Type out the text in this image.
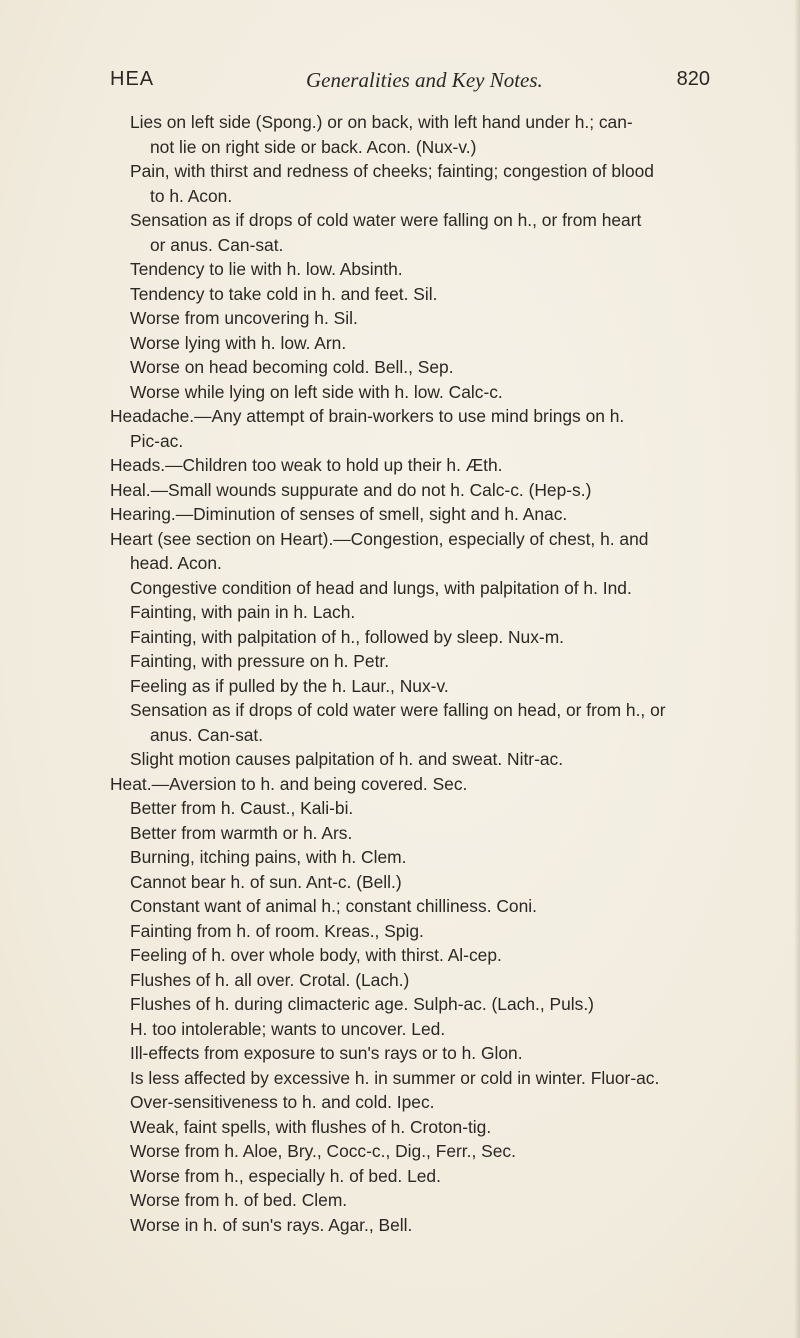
HEA	Generalities and Key Notes.	820
Lies on left side (Spong.) or on back, with left hand under h.; can-
not lie on right side or back. Acon. (Nux-v.)
Pain, with thirst and redness of cheeks; fainting; congestion of blood
to h. Acon.
Sensation as if drops of cold water were falling on h., or from heart
or anus. Can-sat.
Tendency to lie with h. low. Absinth.
Tendency to take cold in h. and feet. Sil.
Worse from uncovering h. Sil.
Worse lying with h. low. Arn.
Worse on head becoming cold. Bell., Sep.
Worse while lying on left side with h. low. Calc-c.
Headache.—Any attempt of brain-workers to use mind brings on h.
Pic-ac.
Heads.—Children too weak to hold up their h. Æth.
Heal.—Small wounds suppurate and do not h. Calc-c. (Hep-s.)
Hearing.—Diminution of senses of smell, sight and h. Anac.
Heart (see section on Heart).—Congestion, especially of chest, h. and
head. Acon.
Congestive condition of head and lungs, with palpitation of h. Ind.
Fainting, with pain in h. Lach.
Fainting, with palpitation of h., followed by sleep. Nux-m.
Fainting, with pressure on h. Petr.
Feeling as if pulled by the h. Laur., Nux-v.
Sensation as if drops of cold water were falling on head, or from h., or
anus. Can-sat.
Slight motion causes palpitation of h. and sweat. Nitr-ac.
Heat.—Aversion to h. and being covered. Sec.
Better from h. Caust., Kali-bi.
Better from warmth or h. Ars.
Burning, itching pains, with h. Clem.
Cannot bear h. of sun. Ant-c. (Bell.)
Constant want of animal h.; constant chilliness. Coni.
Fainting from h. of room. Kreas., Spig.
Feeling of h. over whole body, with thirst. Al-cep.
Flushes of h. all over. Crotal. (Lach.)
Flushes of h. during climacteric age. Sulph-ac. (Lach., Puls.)
H. too intolerable; wants to uncover. Led.
Ill-effects from exposure to sun's rays or to h. Glon.
Is less affected by excessive h. in summer or cold in winter. Fluor-ac.
Over-sensitiveness to h. and cold. Ipec.
Weak, faint spells, with flushes of h. Croton-tig.
Worse from h. Aloe, Bry., Cocc-c., Dig., Ferr., Sec.
Worse from h., especially h. of bed. Led.
Worse from h. of bed. Clem.
Worse in h. of sun's rays. Agar., Bell.
